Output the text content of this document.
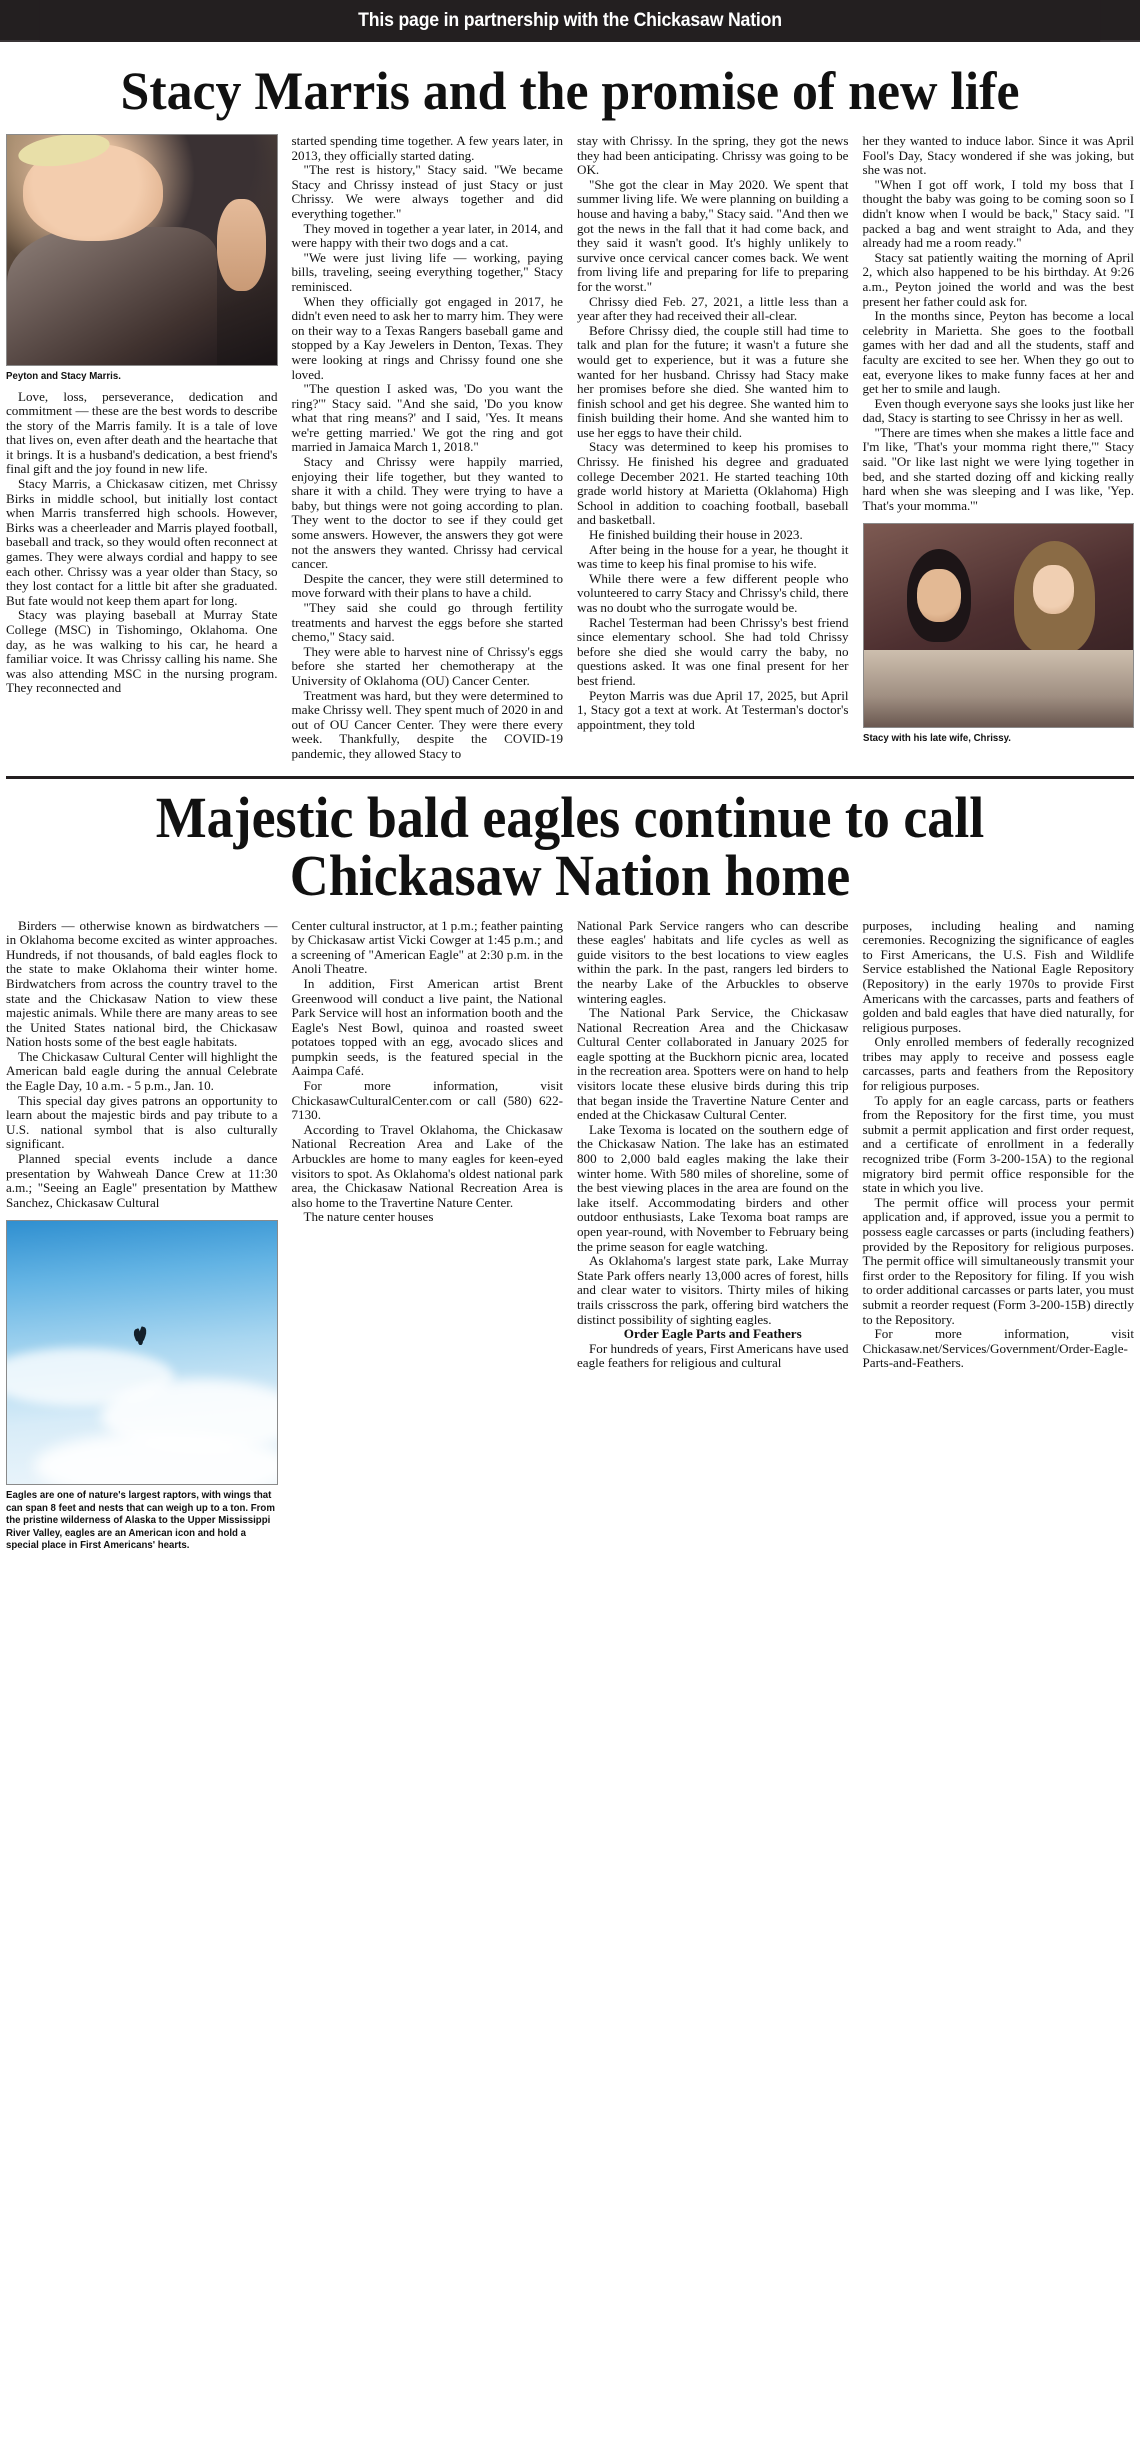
This page in partnership with the Chickasaw Nation
Stacy Marris and the promise of new life
Peyton and Stacy Marris.

Love, loss, perseverance, dedication and commitment — these are the best words to describe the story of the Marris family. It is a tale of love that lives on, even after death and the heartache that it brings. It is a husband's dedication, a best friend's final gift and the joy found in new life.

Stacy Marris, a Chickasaw citizen, met Chrissy Birks in middle school, but initially lost contact when Marris transferred high schools. However, Birks was a cheerleader and Marris played football, baseball and track, so they would often reconnect at games. They were always cordial and happy to see each other. Chrissy was a year older than Stacy, so they lost contact for a little bit after she graduated. But fate would not keep them apart for long.

Stacy was playing baseball at Murray State College (MSC) in Tishomingo, Oklahoma. One day, as he was walking to his car, he heard a familiar voice. It was Chrissy calling his name. She was also attending MSC in the nursing program. They reconnected and

started spending time together. A few years later, in 2013, they officially started dating.

"The rest is history," Stacy said. "We became Stacy and Chrissy instead of just Stacy or just Chrissy. We were always together and did everything together."

They moved in together a year later, in 2014, and were happy with their two dogs and a cat.

"We were just living life — working, paying bills, traveling, seeing everything together," Stacy reminisced.

When they officially got engaged in 2017, he didn't even need to ask her to marry him. They were on their way to a Texas Rangers baseball game and stopped by a Kay Jewelers in Denton, Texas. They were looking at rings and Chrissy found one she loved.

"The question I asked was, 'Do you want the ring?'" Stacy said. "And she said, 'Do you know what that ring means?' and I said, 'Yes. It means we're getting married.' We got the ring and got married in Jamaica March 1, 2018."

Stacy and Chrissy were happily married, enjoying their life together, but they wanted to share it with a child. They were trying to have a baby, but things were not going according to plan. They went to the doctor to see if they could get some answers. However, the answers they got were not the answers they wanted. Chrissy had cervical cancer.

Despite the cancer, they were still determined to move forward with their plans to have a child.

"They said she could go through fertility treatments and harvest the eggs before she started chemo," Stacy said.

They were able to harvest nine of Chrissy's eggs before she started her chemotherapy at the University of Oklahoma (OU) Cancer Center.

Treatment was hard, but they were determined to make Chrissy well. They spent much of 2020 in and out of OU Cancer Center. They were there every week. Thankfully, despite the COVID-19 pandemic, they allowed Stacy to

stay with Chrissy. In the spring, they got the news they had been anticipating. Chrissy was going to be OK.

"She got the clear in May 2020. We spent that summer living life. We were planning on building a house and having a baby," Stacy said. "And then we got the news in the fall that it had come back, and they said it wasn't good. It's highly unlikely to survive once cervical cancer comes back. We went from living life and preparing for life to preparing for the worst."

Chrissy died Feb. 27, 2021, a little less than a year after they had received their all-clear.

Before Chrissy died, the couple still had time to talk and plan for the future; it wasn't a future she would get to experience, but it was a future she wanted for her husband. Chrissy had Stacy make her promises before she died. She wanted him to finish school and get his degree. She wanted him to finish building their home. And she wanted him to use her eggs to have their child.

Stacy was determined to keep his promises to Chrissy. He finished his degree and graduated college December 2021. He started teaching 10th grade world history at Marietta (Oklahoma) High School in addition to coaching football, baseball and basketball.

He finished building their house in 2023.

After being in the house for a year, he thought it was time to keep his final promise to his wife.

While there were a few different people who volunteered to carry Stacy and Chrissy's child, there was no doubt who the surrogate would be.

Rachel Testerman had been Chrissy's best friend since elementary school. She had told Chrissy before she died she would carry the baby, no questions asked. It was one final present for her best friend.

Peyton Marris was due April 17, 2025, but April 1, Stacy got a text at work. At Testerman's doctor's appointment, they told

her they wanted to induce labor. Since it was April Fool's Day, Stacy wondered if she was joking, but she was not.

"When I got off work, I told my boss that I thought the baby was going to be coming soon so I didn't know when I would be back," Stacy said. "I packed a bag and went straight to Ada, and they already had me a room ready."

Stacy sat patiently waiting the morning of April 2, which also happened to be his birthday. At 9:26 a.m., Peyton joined the world and was the best present her father could ask for.

In the months since, Peyton has become a local celebrity in Marietta. She goes to the football games with her dad and all the students, staff and faculty are excited to see her. When they go out to eat, everyone likes to make funny faces at her and get her to smile and laugh.

Even though everyone says she looks just like her dad, Stacy is starting to see Chrissy in her as well.

"There are times when she makes a little face and I'm like, 'That's your momma right there,'" Stacy said. "Or like last night we were lying together in bed, and she started dozing off and kicking really hard when she was sleeping and I was like, 'Yep. That's your momma.'"

Stacy with his late wife, Chrissy.
Majestic bald eagles continue to call
Chickasaw Nation home

Birders — otherwise known as birdwatchers — in Oklahoma become excited as winter approaches. Hundreds, if not thousands, of bald eagles flock to the state to make Oklahoma their winter home. Birdwatchers from across the country travel to the state and the Chickasaw Nation to view these majestic animals. While there are many areas to see the United States national bird, the Chickasaw Nation hosts some of the best eagle habitats.

The Chickasaw Cultural Center will highlight the American bald eagle during the annual Celebrate the Eagle Day, 10 a.m. - 5 p.m., Jan. 10.

This special day gives patrons an opportunity to learn about the majestic birds and pay tribute to a U.S. national symbol that is also culturally significant.

Planned special events include a dance presentation by Wahweah Dance Crew at 11:30 a.m.; "Seeing an Eagle" presentation by Matthew Sanchez, Chickasaw Cultural

Eagles are one of nature's largest raptors, with wings that can span 8 feet and nests that can weigh up to a ton. From the pristine wilderness of Alaska to the Upper Mississippi River Valley, eagles are an American icon and hold a special place in First Americans' hearts.

Center cultural instructor, at 1 p.m.; feather painting by Chickasaw artist Vicki Cowger at 1:45 p.m.; and a screening of "American Eagle" at 2:30 p.m. in the Anoli Theatre.

In addition, First American artist Brent Greenwood will conduct a live paint, the National Park Service will host an information booth and the Eagle's Nest Bowl, quinoa and roasted sweet potatoes topped with an egg, avocado slices and pumpkin seeds, is the featured special in the Aaimpa Café.

For more information, visit ChickasawCulturalCenter.com or call (580) 622-7130.

According to Travel Oklahoma, the Chickasaw National Recreation Area and Lake of the Arbuckles are home to many eagles for keen-eyed visitors to spot. As Oklahoma's oldest national park area, the Chickasaw National Recreation Area is also home to the Travertine Nature Center.

The nature center houses

National Park Service rangers who can describe these eagles' habitats and life cycles as well as guide visitors to the best locations to view eagles within the park. In the past, rangers led birders to the nearby Lake of the Arbuckles to observe wintering eagles.

The National Park Service, the Chickasaw National Recreation Area and the Chickasaw Cultural Center collaborated in January 2025 for eagle spotting at the Buckhorn picnic area, located in the recreation area. Spotters were on hand to help visitors locate these elusive birds during this trip that began inside the Travertine Nature Center and ended at the Chickasaw Cultural Center.

Lake Texoma is located on the southern edge of the Chickasaw Nation. The lake has an estimated 800 to 2,000 bald eagles making the lake their winter home. With 580 miles of shoreline, some of the best viewing places in the area are found on the lake itself. Accommodating birders and other outdoor enthusiasts, Lake Texoma boat ramps are open year-round, with November to February being the prime season for eagle watching.

As Oklahoma's largest state park, Lake Murray State Park offers nearly 13,000 acres of forest, hills and clear water to visitors. Thirty miles of hiking trails crisscross the park, offering bird watchers the distinct possibility of sighting eagles.

Order Eagle Parts and Feathers

For hundreds of years, First Americans have used eagle feathers for religious and cultural

purposes, including healing and naming ceremonies. Recognizing the significance of eagles to First Americans, the U.S. Fish and Wildlife Service established the National Eagle Repository (Repository) in the early 1970s to provide First Americans with the carcasses, parts and feathers of golden and bald eagles that have died naturally, for religious purposes.

Only enrolled members of federally recognized tribes may apply to receive and possess eagle carcasses, parts and feathers from the Repository for religious purposes.

To apply for an eagle carcass, parts or feathers from the Repository for the first time, you must submit a permit application and first order request, and a certificate of enrollment in a federally recognized tribe (Form 3-200-15A) to the regional migratory bird permit office responsible for the state in which you live.

The permit office will process your permit application and, if approved, issue you a permit to possess eagle carcasses or parts (including feathers) provided by the Repository for religious purposes. The permit office will simultaneously transmit your first order to the Repository for filing. If you wish to order additional carcasses or parts later, you must submit a reorder request (Form 3-200-15B) directly to the Repository.

For more information, visit Chickasaw.net/Services/Government/Order-Eagle-Parts-and-Feathers.
